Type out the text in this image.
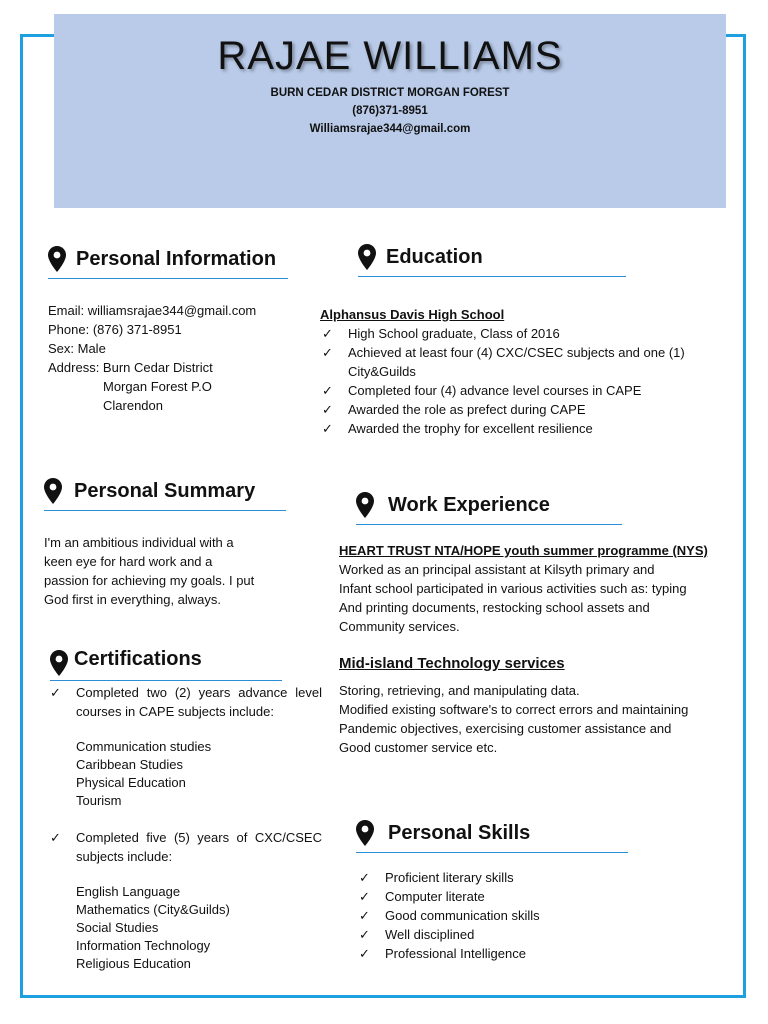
RAJAE WILLIAMS
BURN CEDAR DISTRICT MORGAN FOREST
(876)371-8951
Williamsrajae344@gmail.com
Personal Information
Email: williamsrajae344@gmail.com
Phone: (876) 371-8951
Sex: Male
Address: Burn Cedar District
Morgan Forest P.O
Clarendon
Education
Alphansus Davis High School
✓ High School graduate, Class of 2016
✓ Achieved at least four (4) CXC/CSEC subjects and one (1) City&Guilds
✓ Completed four (4) advance level courses in CAPE
✓ Awarded the role as prefect during CAPE
✓ Awarded the trophy for excellent resilience
Personal Summary
I'm an ambitious individual with a
keen eye for hard work and a
passion for achieving my goals. I put
God first in everything, always.
Work Experience
HEART TRUST NTA/HOPE youth summer programme (NYS)
Worked as an principal assistant at Kilsyth primary and
Infant school participated in various activities such as: typing
And printing documents, restocking school assets and
Community services.
Mid-island Technology services
Storing, retrieving, and manipulating data.
Modified existing software's to correct errors and maintaining
Pandemic objectives, exercising customer assistance and
Good customer service etc.
Certifications
✓ Completed two (2) years advance level courses in CAPE subjects include:
Communication studies
Caribbean Studies
Physical Education
Tourism
✓ Completed five (5) years of CXC/CSEC subjects include:
English Language
Mathematics (City&Guilds)
Social Studies
Information Technology
Religious Education
Personal Skills
✓ Proficient literary skills
✓ Computer literate
✓ Good communication skills
✓ Well disciplined
✓ Professional Intelligence
